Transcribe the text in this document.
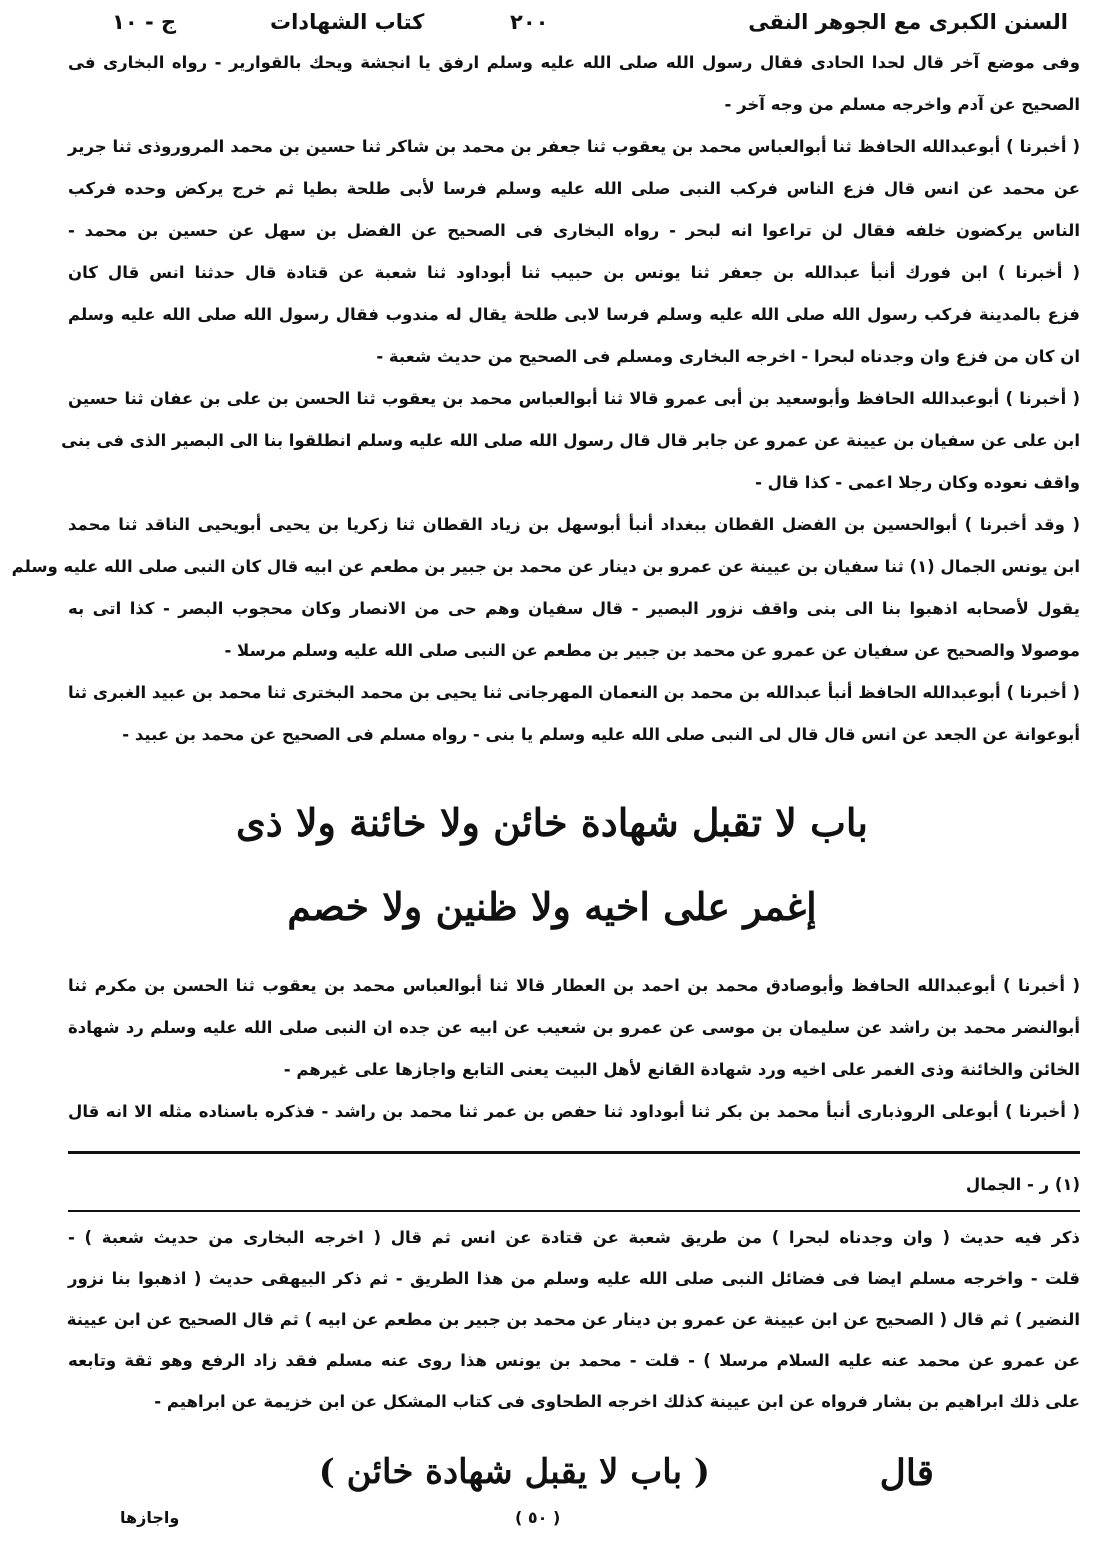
السنن الكبرى مع الجوهر النقى
٢٠٠
كتاب الشهادات
ج - ١٠
وفى موضع آخر قال لحدا الحادى فقال رسول الله صلى الله عليه وسلم ارفق يا انجشة ويحك بالقوارير - رواه البخارى فى
الصحيح عن آدم واخرجه مسلم من وجه آخر -
( أخبرنا ) أبوعبدالله الحافظ ثنا أبوالعباس محمد بن يعقوب ثنا جعفر بن محمد بن شاكر ثنا حسين بن محمد المروروذى ثنا جرير
عن محمد عن انس قال فزع الناس فركب النبى صلى الله عليه وسلم فرسا لأبى طلحة بطيا ثم خرج يركض وحده فركب
الناس يركضون خلفه فقال لن تراعوا انه لبحر - رواه البخارى فى الصحيح عن الفضل بن سهل عن حسين بن محمد -
( أخبرنا ) ابن فورك أنبأ عبدالله بن جعفر ثنا يونس بن حبيب ثنا أبوداود ثنا شعبة عن قتادة قال حدثنا انس قال كان
فزع بالمدينة فركب رسول الله صلى الله عليه وسلم فرسا لابى طلحة يقال له مندوب فقال رسول الله صلى الله عليه وسلم
ان كان من فزع وان وجدناه لبحرا - اخرجه البخارى ومسلم فى الصحيح من حديث شعبة -
( أخبرنا ) أبوعبدالله الحافظ وأبوسعيد بن أبى عمرو قالا ثنا أبوالعباس محمد بن يعقوب ثنا الحسن بن على بن عفان ثنا حسين
ابن على عن سفيان بن عيينة عن عمرو عن جابر قال قال رسول الله صلى الله عليه وسلم انطلقوا بنا الى البصير الذى فى بنى
واقف نعوده وكان رجلا اعمى - كذا قال -
( وقد أخبرنا ) أبوالحسين بن الفضل القطان ببغداد أنبأ أبوسهل بن زياد القطان ثنا زكريا بن يحيى أبويحيى الناقد ثنا محمد
ابن يونس الجمال (١) ثنا سفيان بن عيينة عن عمرو بن دينار عن محمد بن جبير بن مطعم عن ابيه قال كان النبى صلى الله عليه وسلم
يقول لأصحابه اذهبوا بنا الى بنى واقف نزور البصير - قال سفيان وهم حى من الانصار وكان محجوب البصر - كذا اتى به
موصولا والصحيح عن سفيان عن عمرو عن محمد بن جبير بن مطعم عن النبى صلى الله عليه وسلم مرسلا -
( أخبرنا ) أبوعبدالله الحافظ أنبأ عبدالله بن محمد بن النعمان المهرجانى ثنا يحيى بن محمد البخترى ثنا محمد بن عبيد الغبرى ثنا
أبوعوانة عن الجعد عن انس قال قال لى النبى صلى الله عليه وسلم يا بنى - رواه مسلم فى الصحيح عن محمد بن عبيد -
باب لا تقبل شهادة خائن ولا خائنة ولا ذى
إغمر على اخيه ولا ظنين ولا خصم
( أخبرنا ) أبوعبدالله الحافظ وأبوصادق محمد بن احمد بن العطار قالا ثنا أبوالعباس محمد بن يعقوب ثنا الحسن بن مكرم ثنا
أبوالنضر محمد بن راشد عن سليمان بن موسى عن عمرو بن شعيب عن ابيه عن جده ان النبى صلى الله عليه وسلم رد شهادة
الخائن والخائنة وذى الغمر على اخيه ورد شهادة القانع لأهل البيت يعنى التابع واجازها على غيرهم -
( أخبرنا ) أبوعلى الروذبارى أنبأ محمد بن بكر ثنا أبوداود ثنا حفص بن عمر ثنا محمد بن راشد - فذكره باسناده مثله الا انه قال
(١) ر - الجمال
ذكر فيه حديث ( وان وجدناه لبحرا ) من طريق شعبة عن قتادة عن انس ثم قال ( اخرجه البخارى من حديث شعبة ) -
قلت - واخرجه مسلم ايضا فى فضائل النبى صلى الله عليه وسلم من هذا الطريق - ثم ذكر البيهقى حديث ( اذهبوا بنا نزور
النضير ) ثم قال ( الصحيح عن ابن عيينة عن عمرو بن دينار عن محمد بن جبير بن مطعم عن ابيه ) ثم قال الصحيح عن ابن عيينة
عن عمرو عن محمد عنه عليه السلام مرسلا ) - قلت - محمد بن يونس هذا روى عنه مسلم فقد زاد الرفع وهو ثقة وتابعه
على ذلك ابراهيم بن بشار فرواه عن ابن عيينة كذلك اخرجه الطحاوى فى كتاب المشكل عن ابن خزيمة عن ابراهيم -
قال
( باب لا يقبل شهادة خائن )
واجازها	( ٥٠ )
